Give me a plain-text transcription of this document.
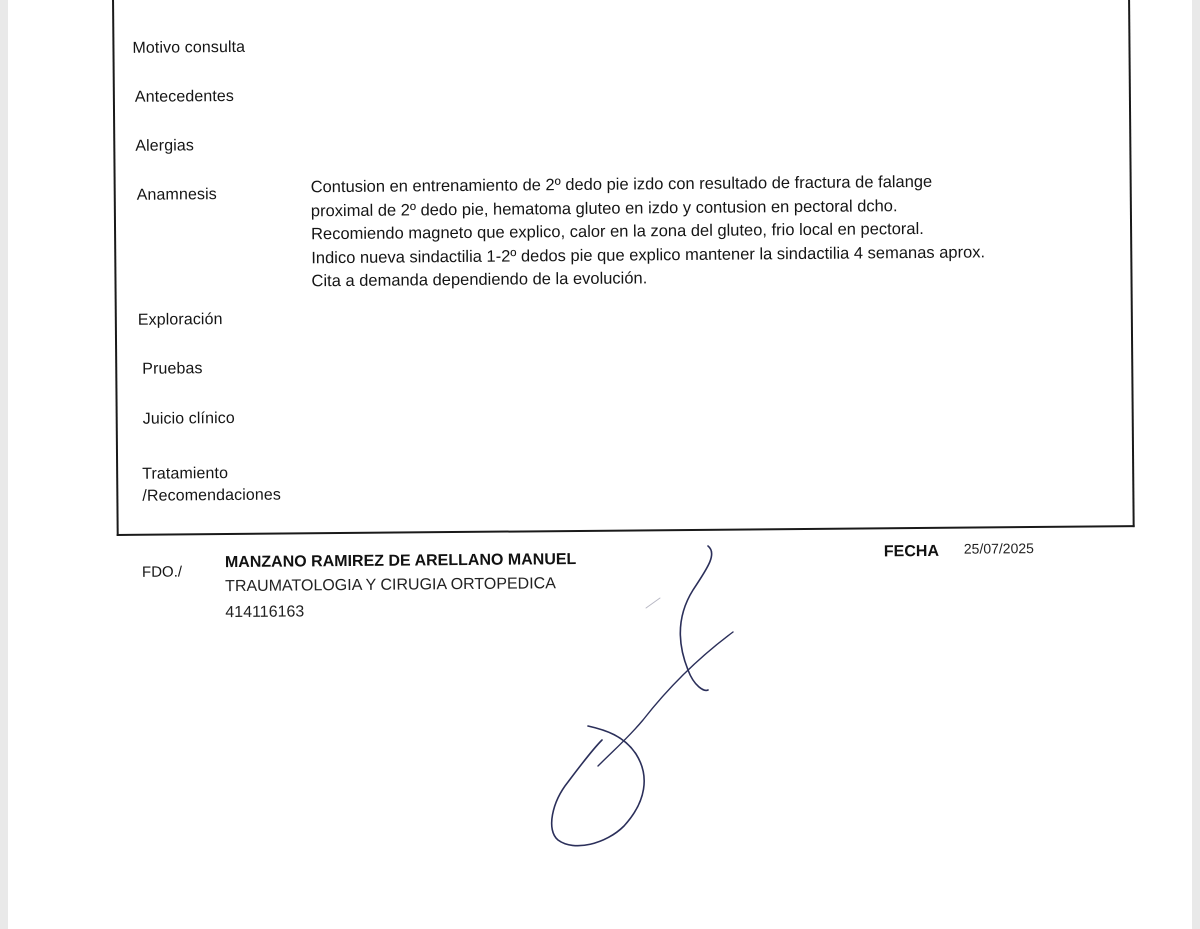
Motivo consulta
Antecedentes
Alergias
Anamnesis	Contusion en entrenamiento de 2º dedo pie izdo con resultado de fractura de falange
proximal de 2º dedo pie, hematoma gluteo en izdo y contusion en pectoral dcho.
Recomiendo magneto que explico, calor en la zona del gluteo, frio local en pectoral.
Indico nueva sindactilia 1-2º dedos pie que explico mantener la sindactilia 4 semanas aprox.
Cita a demanda dependiendo de la evolución.
Exploración
Pruebas
Juicio clínico
Tratamiento
/Recomendaciones
FDO./
MANZANO RAMIREZ DE ARELLANO MANUEL
TRAUMATOLOGIA Y CIRUGIA ORTOPEDICA
414116163
FECHA 25/07/2025
